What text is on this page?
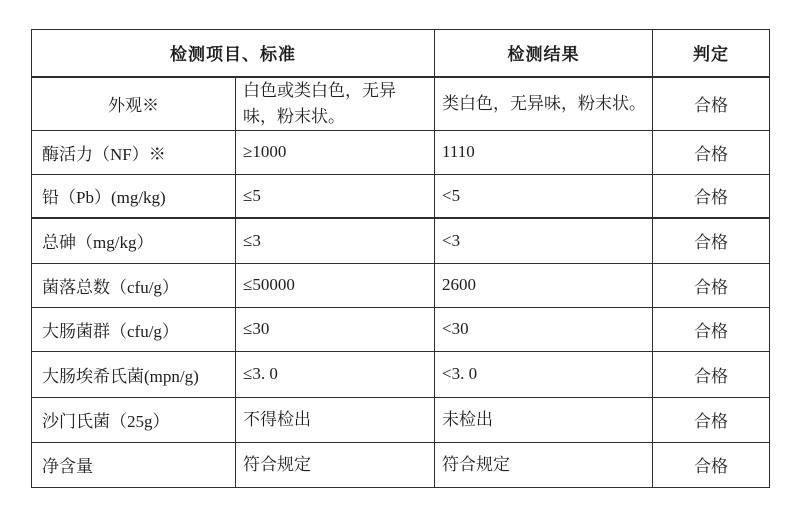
检测项目、标准		检测结果	判定
外观※	白色或类白色，无异味，粉末状。	类白色，无异味，粉末状。	合格
酶活力（NF）※	≥1000	1110	合格
铅（Pb）(mg/kg)	≤5	<5	合格
总砷（mg/kg）	≤3	<3	合格
菌落总数（cfu/g）	≤50000	2600	合格
大肠菌群（cfu/g）	≤30	<30	合格
大肠埃希氏菌(mpn/g)	≤3. 0	<3. 0	合格
沙门氏菌（25g）	不得检出	未检出	合格
净含量	符合规定	符合规定	合格
